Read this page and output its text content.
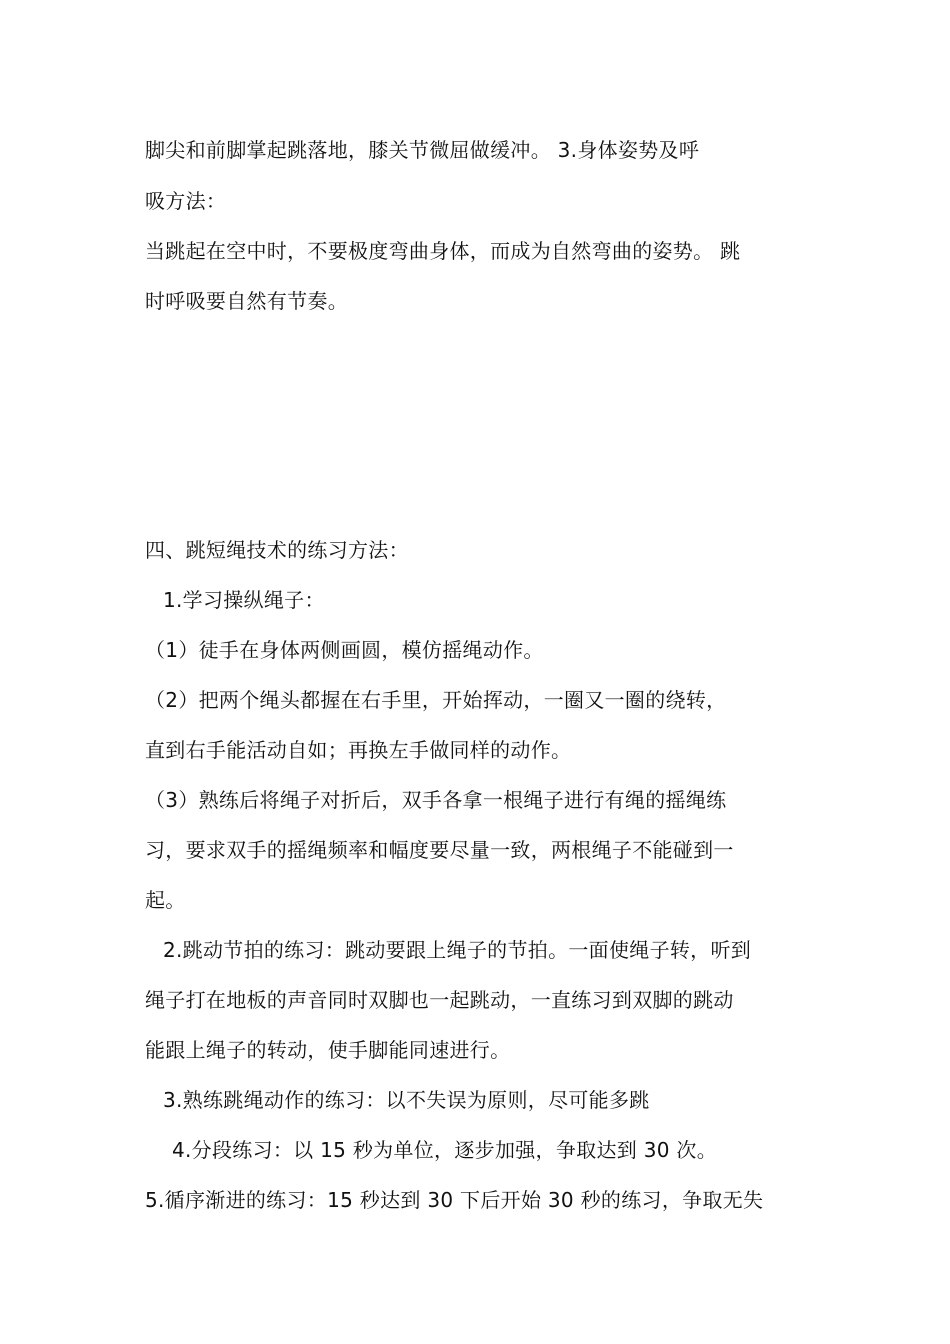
脚尖和前脚掌起跳落地，膝关节微屈做缓冲。 3.身体姿势及呼
吸方法：
当跳起在空中时，不要极度弯曲身体，而成为自然弯曲的姿势。 跳
时呼吸要自然有节奏。
四、跳短绳技术的练习方法：
1.学习操纵绳子：
（1）徒手在身体两侧画圆，模仿摇绳动作。
（2）把两个绳头都握在右手里，开始挥动，一圈又一圈的绕转，
直到右手能活动自如；再换左手做同样的动作。
（3）熟练后将绳子对折后，双手各拿一根绳子进行有绳的摇绳练
习，要求双手的摇绳频率和幅度要尽量一致，两根绳子不能碰到一
起。
2.跳动节拍的练习：跳动要跟上绳子的节拍。一面使绳子转，听到
绳子打在地板的声音同时双脚也一起跳动，一直练习到双脚的跳动
能跟上绳子的转动，使手脚能同速进行。
3.熟练跳绳动作的练习：以不失误为原则，尽可能多跳
4.分段练习：以 15 秒为单位，逐步加强，争取达到 30 次。
5.循序渐进的练习：15 秒达到 30 下后开始 30 秒的练习，争取无失
